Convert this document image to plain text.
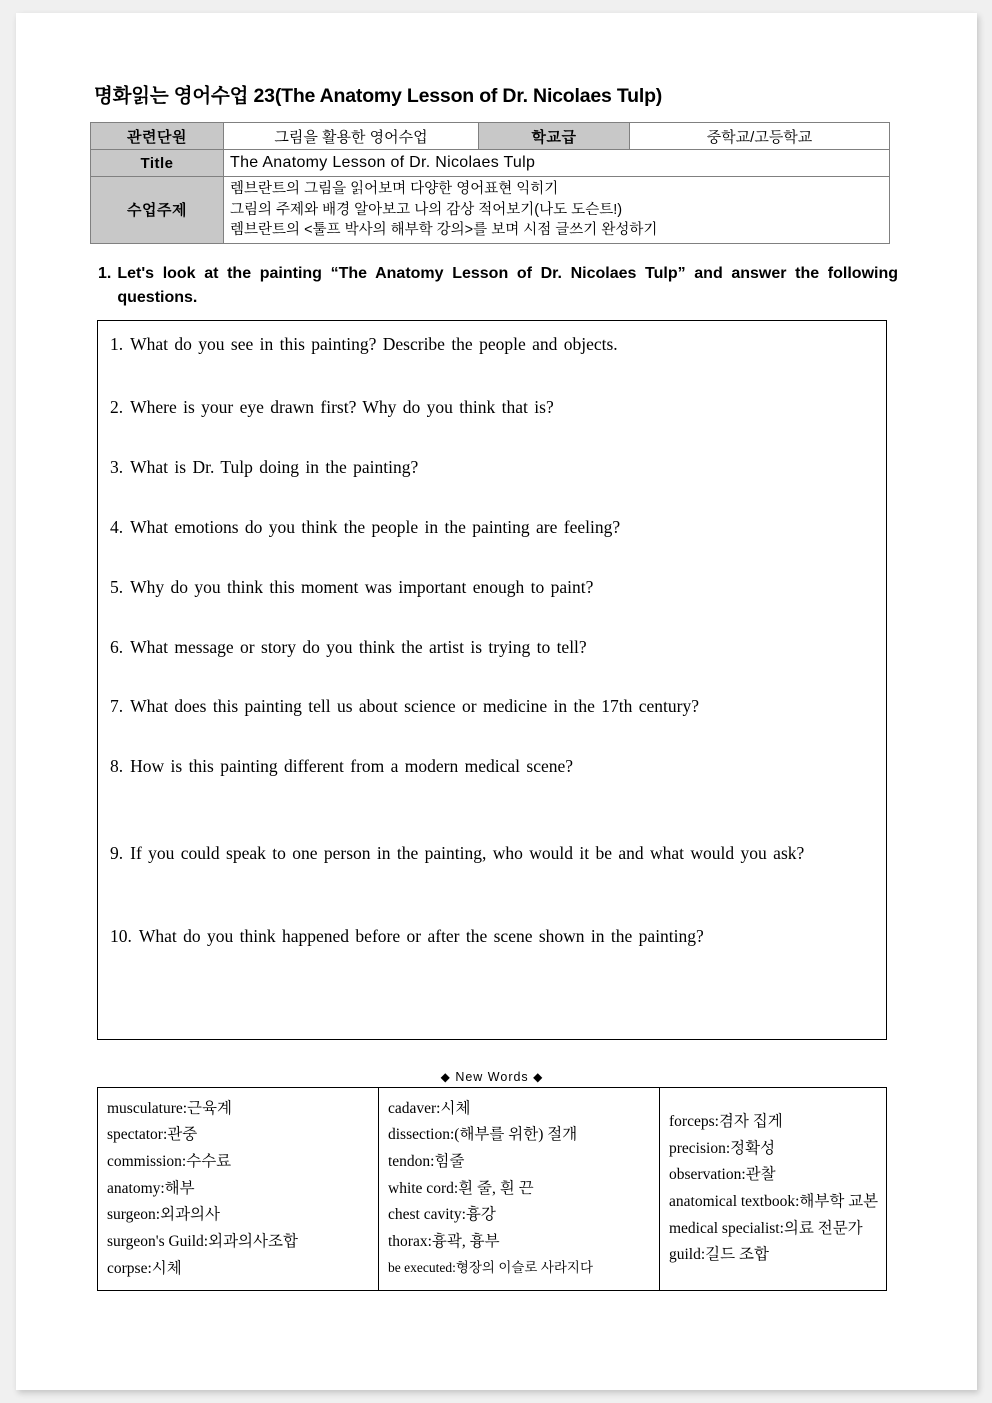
명화읽는 영어수업 23(The Anatomy Lesson of Dr. Nicolaes Tulp)
관련단원	그림을 활용한 영어수업	학교급	중학교/고등학교
Title	The Anatomy Lesson of Dr. Nicolaes Tulp		
수업주제	렘브란트의 그림을 읽어보며 다양한 영어표현 익히기
그림의 주제와 배경 알아보고 나의 감상 적어보기(나도 도슨트!)
렘브란트의 <툴프 박사의 해부학 강의>를 보며 시점 글쓰기 완성하기		
1. Let's look at the painting “The Anatomy Lesson of Dr. Nicolaes Tulp” and answer the following questions.
1. What do you see in this painting? Describe the people and objects.
2. Where is your eye drawn first? Why do you think that is?
3. What is Dr. Tulp doing in the painting?
4. What emotions do you think the people in the painting are feeling?
5. Why do you think this moment was important enough to paint?
6. What message or story do you think the artist is trying to tell?
7. What does this painting tell us about science or medicine in the 17th century?
8. How is this painting different from a modern medical scene?
9. If you could speak to one person in the painting, who would it be and what would you ask?
10. What do you think happened before or after the scene shown in the painting?
◆ New Words ◆
musculature:근육계
spectator:관중
commission:수수료
anatomy:해부
surgeon:외과의사
surgeon's Guild:외과의사조합
corpse:시체

cadaver:시체
dissection:(해부를 위한) 절개
tendon:힘줄
white cord:흰 줄, 흰 끈
chest cavity:흉강
thorax:흉곽, 흉부
be executed:형장의 이슬로 사라지다

forceps:겸자 집게
precision:정확성
observation:관찰
anatomical textbook:해부학 교본
medical specialist:의료 전문가
guild:길드 조합
